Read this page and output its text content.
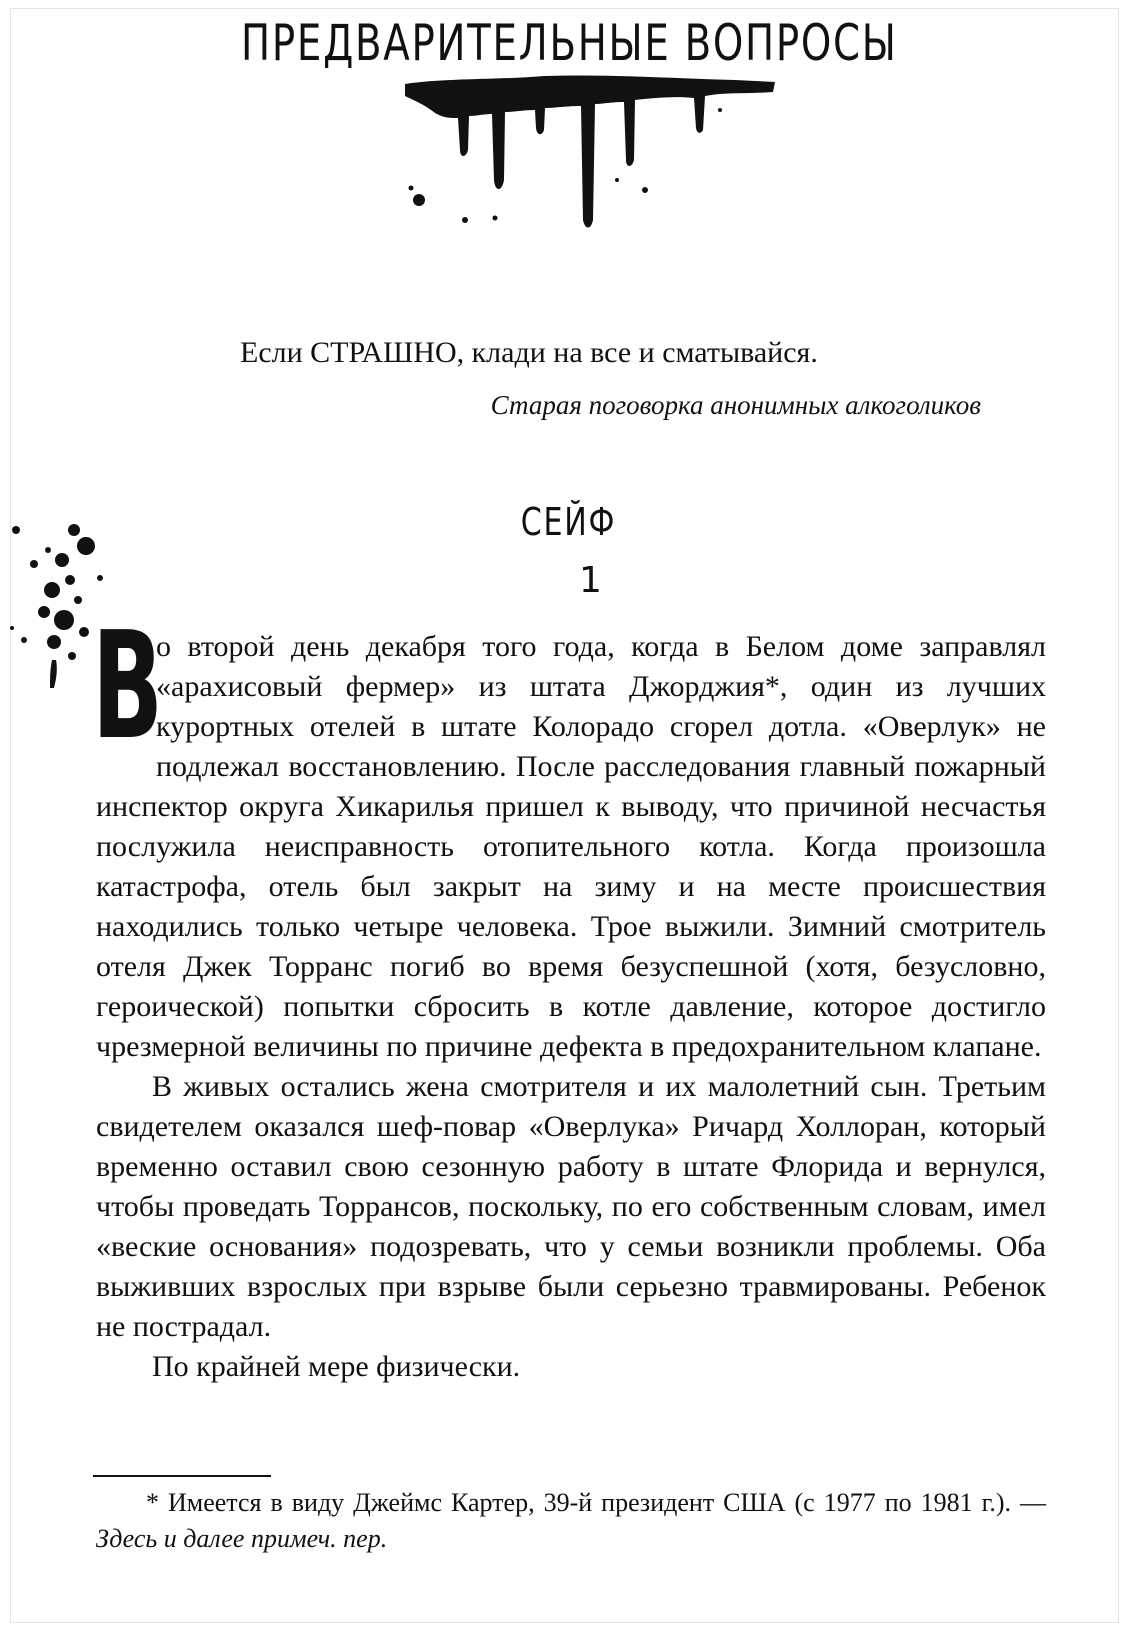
ПРЕДВАРИТЕЛЬНЫЕ ВОПРОСЫ

Если СТРАШНО, клади на все и сматывайся.

Старая поговорка анонимных алкоголиков

СЕЙФ
1

В
о второй день декабря того года, когда в Белом доме заправлял «арахисовый фермер» из штата Джорджия*, один из лучших курортных отелей в штате Колорадо сгорел дотла. «Оверлук» не подлежал восстановлению. После расследования главный пожарный инспектор округа Хикарилья пришел к выводу, что причиной несчастья послужила неисправность отопительного котла. Когда произошла катастрофа, отель был закрыт на зиму и на месте происшествия находились только четыре человека. Трое выжили. Зимний смотритель отеля Джек Торранс погиб во время безуспешной (хотя, безусловно, героической) попытки сбросить в котле давление, которое достигло чрезмерной величины по причине дефекта в предохранительном клапане.

В живых остались жена смотрителя и их малолетний сын. Третьим свидетелем оказался шеф-повар «Оверлука» Ричард Холлоран, который временно оставил свою сезонную работу в штате Флорида и вернулся, чтобы проведать Торрансов, поскольку, по его собственным словам, имел «веские основания» подозревать, что у семьи возникли проблемы. Оба выживших взрослых при взрыве были серьезно травмированы. Ребенок не пострадал.

По крайней мере физически.

* Имеется в виду Джеймс Картер, 39-й президент США (с 1977 по 1981 г.). — Здесь и далее примеч. пер.
